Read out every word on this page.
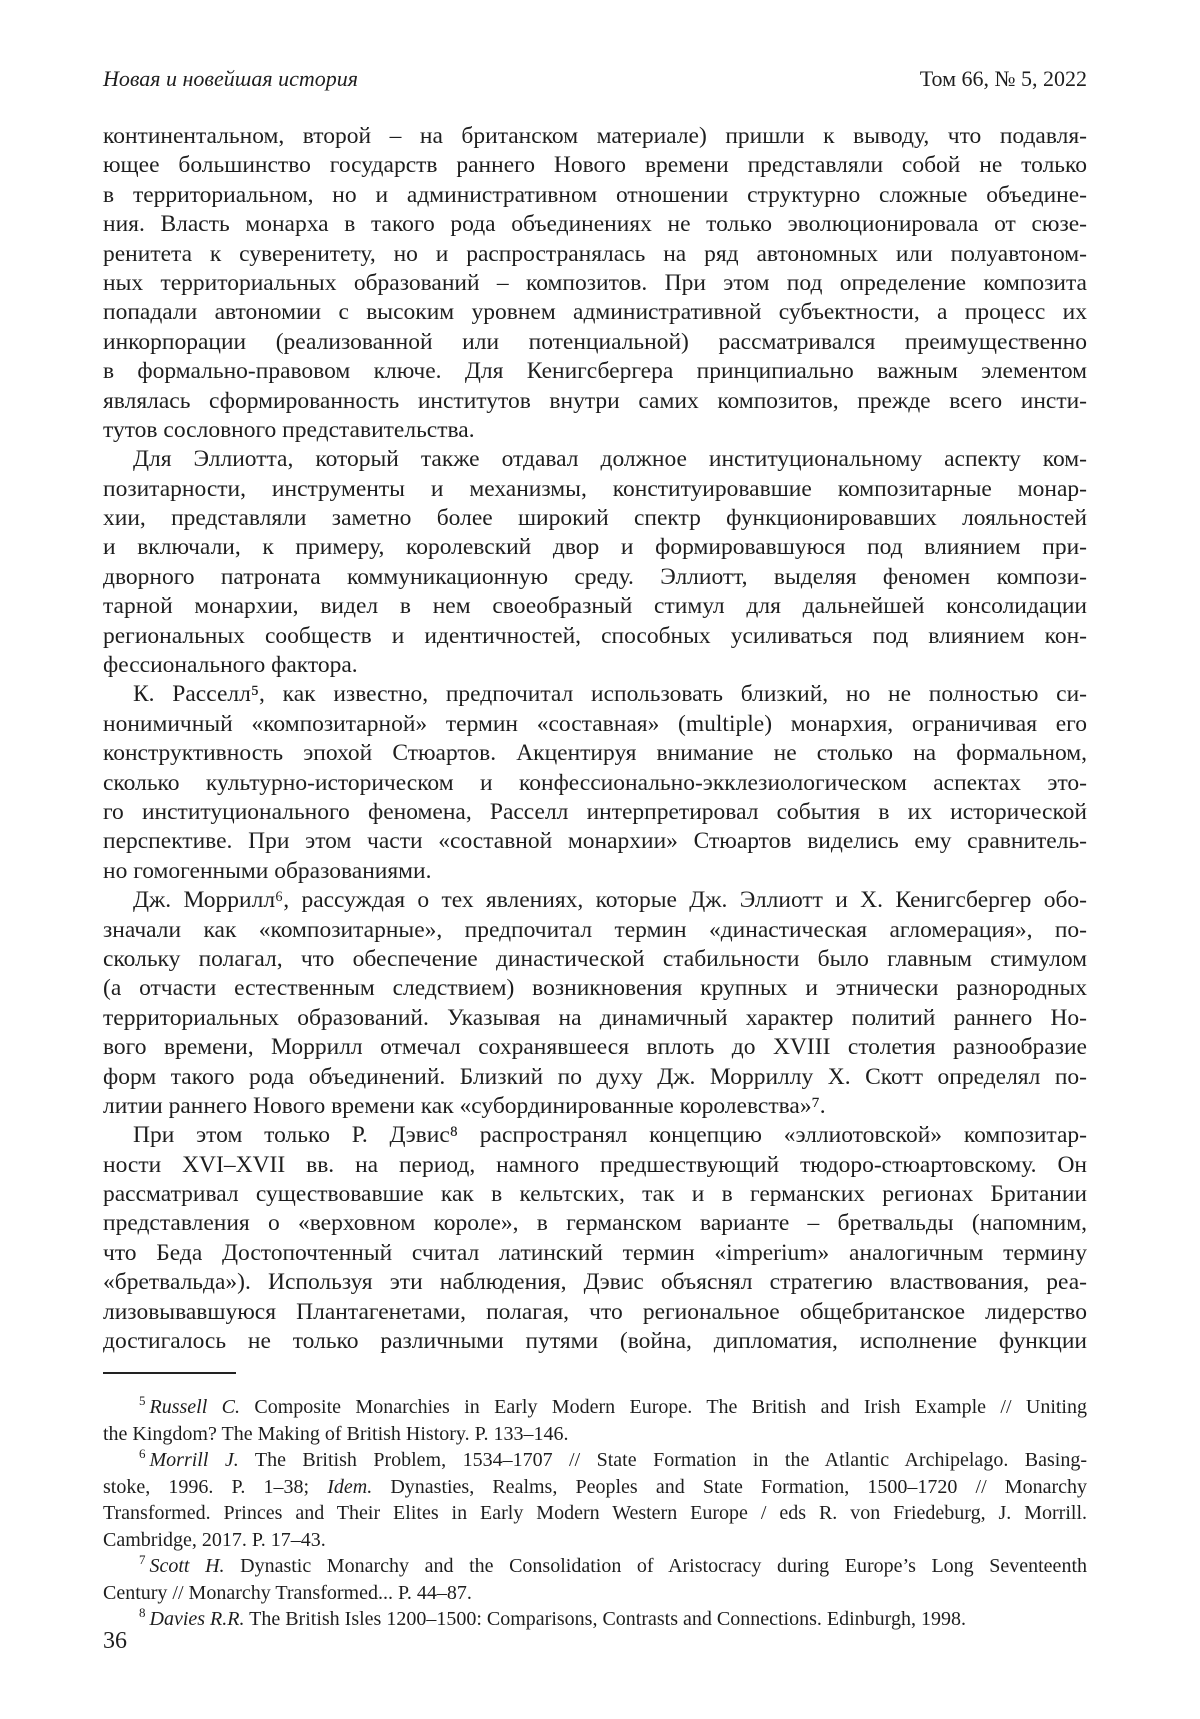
Новая и новейшая история	Том 66, № 5, 2022
континентальном, второй – на британском материале) пришли к выводу, что подавля-
ющее большинство государств раннего Нового времени представляли собой не только
в территориальном, но и административном отношении структурно сложные объедине-
ния. Власть монарха в такого рода объединениях не только эволюционировала от сюзе-
ренитета к суверенитету, но и распространялась на ряд автономных или полуавтоном-
ных территориальных образований – композитов. При этом под определение композита
попадали автономии с высоким уровнем административной субъектности, а процесс их
инкорпорации (реализованной или потенциальной) рассматривался преимущественно
в формально-правовом ключе. Для Кенигсбергера принципиально важным элементом
являлась сформированность институтов внутри самих композитов, прежде всего инсти-
тутов сословного представительства.
Для Эллиотта, который также отдавал должное институциональному аспекту ком-
позитарности, инструменты и механизмы, конституировавшие композитарные монар-
хии, представляли заметно более широкий спектр функционировавших лояльностей
и включали, к примеру, королевский двор и формировавшуюся под влиянием при-
дворного патроната коммуникационную среду. Эллиотт, выделяя феномен компози-
тарной монархии, видел в нем своеобразный стимул для дальнейшей консолидации
региональных сообществ и идентичностей, способных усиливаться под влиянием кон-
фессионального фактора.
К. Расселл⁵, как известно, предпочитал использовать близкий, но не полностью си-
нонимичный «композитарной» термин «составная» (multiple) монархия, ограничивая его
конструктивность эпохой Стюартов. Акцентируя внимание не столько на формальном,
сколько культурно-историческом и конфессионально-экклезиологическом аспектах это-
го институционального феномена, Расселл интерпретировал события в их исторической
перспективе. При этом части «составной монархии» Стюартов виделись ему сравнитель-
но гомогенными образованиями.
Дж. Моррилл⁶, рассуждая о тех явлениях, которые Дж. Эллиотт и Х. Кенигсбергер обо-
значали как «композитарные», предпочитал термин «династическая агломерация», по-
скольку полагал, что обеспечение династической стабильности было главным стимулом
(а отчасти естественным следствием) возникновения крупных и этнически разнородных
территориальных образований. Указывая на динамичный характер политий раннего Но-
вого времени, Моррилл отмечал сохранявшееся вплоть до XVIII столетия разнообразие
форм такого рода объединений. Близкий по духу Дж. Морриллу Х. Скотт определял по-
литии раннего Нового времени как «субординированные королевства»⁷.
При этом только Р. Дэвис⁸ распространял концепцию «эллиотовской» композитар-
ности XVI–XVII вв. на период, намного предшествующий тюдоро-стюартовскому. Он
рассматривал существовавшие как в кельтских, так и в германских регионах Британии
представления о «верховном короле», в германском варианте – бретвальды (напомним,
что Беда Достопочтенный считал латинский термин «imperium» аналогичным термину
«бретвальда»). Используя эти наблюдения, Дэвис объяснял стратегию властвования, реа-
лизовывавшуюся Плантагенетами, полагая, что региональное общебританское лидерство
достигалось не только различными путями (война, дипломатия, исполнение функции
5 Russell C. Composite Monarchies in Early Modern Europe. The British and Irish Example // Uniting
the Kingdom? The Making of British History. P. 133–146.
6 Morrill J. The British Problem, 1534–1707 // State Formation in the Atlantic Archipelago. Basing-
stoke, 1996. P. 1–38; Idem. Dynasties, Realms, Peoples and State Formation, 1500–1720 // Monarchy
Transformed. Princes and Their Elites in Early Modern Western Europe / eds R. von Friedeburg, J. Morrill.
Cambridge, 2017. P. 17–43.
7 Scott H. Dynastic Monarchy and the Consolidation of Aristocracy during Europe’s Long Seventeenth
Century // Monarchy Transformed... P. 44–87.
8 Davies R.R. The British Isles 1200–1500: Comparisons, Contrasts and Connections. Edinburgh, 1998.
36
